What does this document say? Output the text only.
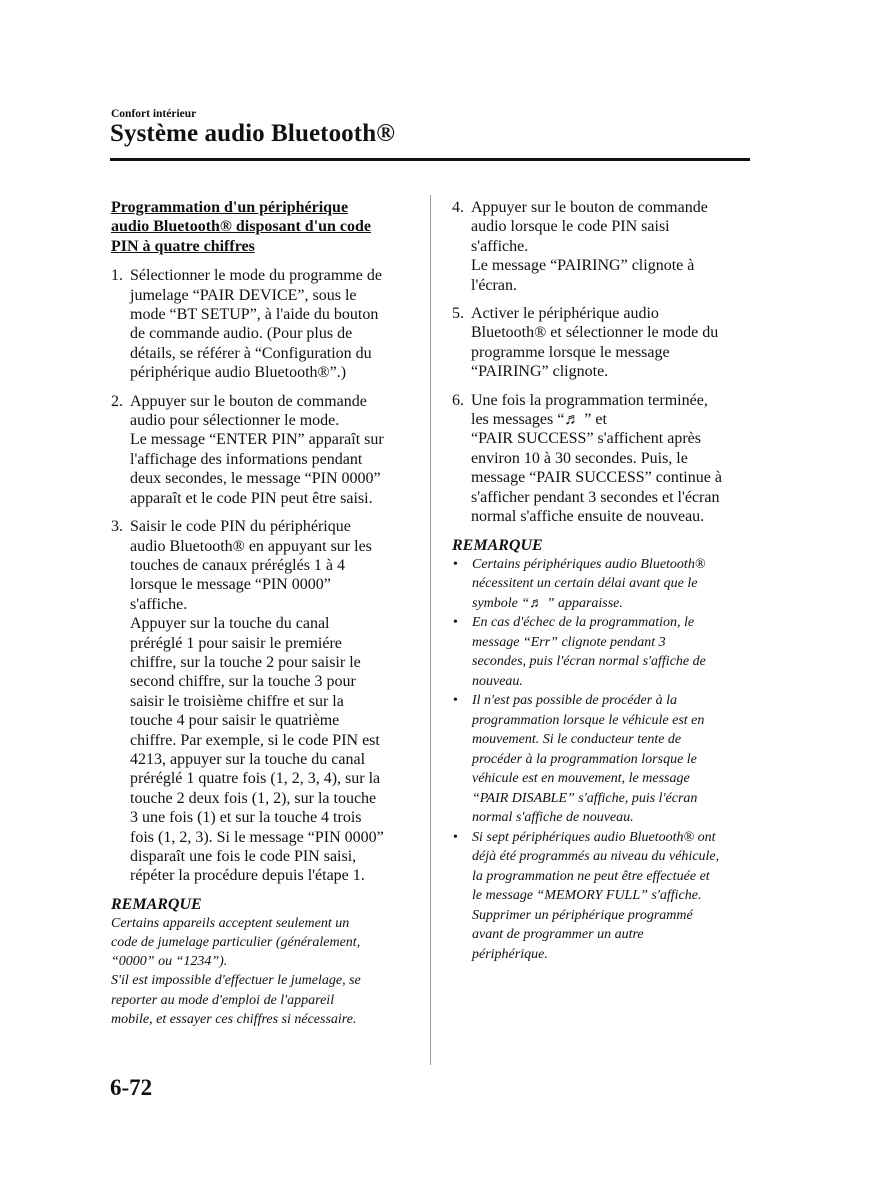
Confort intérieur
Système audio Bluetooth®
Programmation d'un périphérique
audio Bluetooth® disposant d'un code
PIN à quatre chiffres
1. Sélectionner le mode du programme de
jumelage “PAIR DEVICE”, sous le
mode “BT SETUP”, à l'aide du bouton
de commande audio. (Pour plus de
détails, se référer à “Configuration du
périphérique audio Bluetooth®”.)
2. Appuyer sur le bouton de commande
audio pour sélectionner le mode.
Le message “ENTER PIN” apparaît sur
l'affichage des informations pendant
deux secondes, le message “PIN 0000”
apparaît et le code PIN peut être saisi.
3. Saisir le code PIN du périphérique
audio Bluetooth® en appuyant sur les
touches de canaux préréglés 1 à 4
lorsque le message “PIN 0000”
s'affiche.
Appuyer sur la touche du canal
préréglé 1 pour saisir le premiére
chiffre, sur la touche 2 pour saisir le
second chiffre, sur la touche 3 pour
saisir le troisième chiffre et sur la
touche 4 pour saisir le quatrième
chiffre. Par exemple, si le code PIN est
4213, appuyer sur la touche du canal
préréglé 1 quatre fois (1, 2, 3, 4), sur la
touche 2 deux fois (1, 2), sur la touche
3 une fois (1) et sur la touche 4 trois
fois (1, 2, 3). Si le message “PIN 0000”
disparaît une fois le code PIN saisi,
répéter la procédure depuis l'étape 1.
REMARQUE
Certains appareils acceptent seulement un
code de jumelage particulier (généralement,
“0000” ou “1234”).
S'il est impossible d'effectuer le jumelage, se
reporter au mode d'emploi de l'appareil
mobile, et essayer ces chiffres si nécessaire.
4. Appuyer sur le bouton de commande
audio lorsque le code PIN saisi
s'affiche.
Le message “PAIRING” clignote à
l'écran.
5. Activer le périphérique audio
Bluetooth® et sélectionner le mode du
programme lorsque le message
“PAIRING” clignote.
6. Une fois la programmation terminée,
les messages “♬ ” et
“PAIR SUCCESS” s'affichent après
environ 10 à 30 secondes. Puis, le
message “PAIR SUCCESS” continue à
s'afficher pendant 3 secondes et l'écran
normal s'affiche ensuite de nouveau.
REMARQUE
•	Certains périphériques audio Bluetooth®
nécessitent un certain délai avant que le
symbole “♬ ” apparaisse.
•	En cas d'échec de la programmation, le
message “Err” clignote pendant 3
secondes, puis l'écran normal s'affiche de
nouveau.
•	Il n'est pas possible de procéder à la
programmation lorsque le véhicule est en
mouvement. Si le conducteur tente de
procéder à la programmation lorsque le
véhicule est en mouvement, le message
“PAIR DISABLE” s'affiche, puis l'écran
normal s'affiche de nouveau.
•	Si sept périphériques audio Bluetooth® ont
déjà été programmés au niveau du véhicule,
la programmation ne peut être effectuée et
le message “MEMORY FULL” s'affiche.
Supprimer un périphérique programmé
avant de programmer un autre
périphérique.
6-72
